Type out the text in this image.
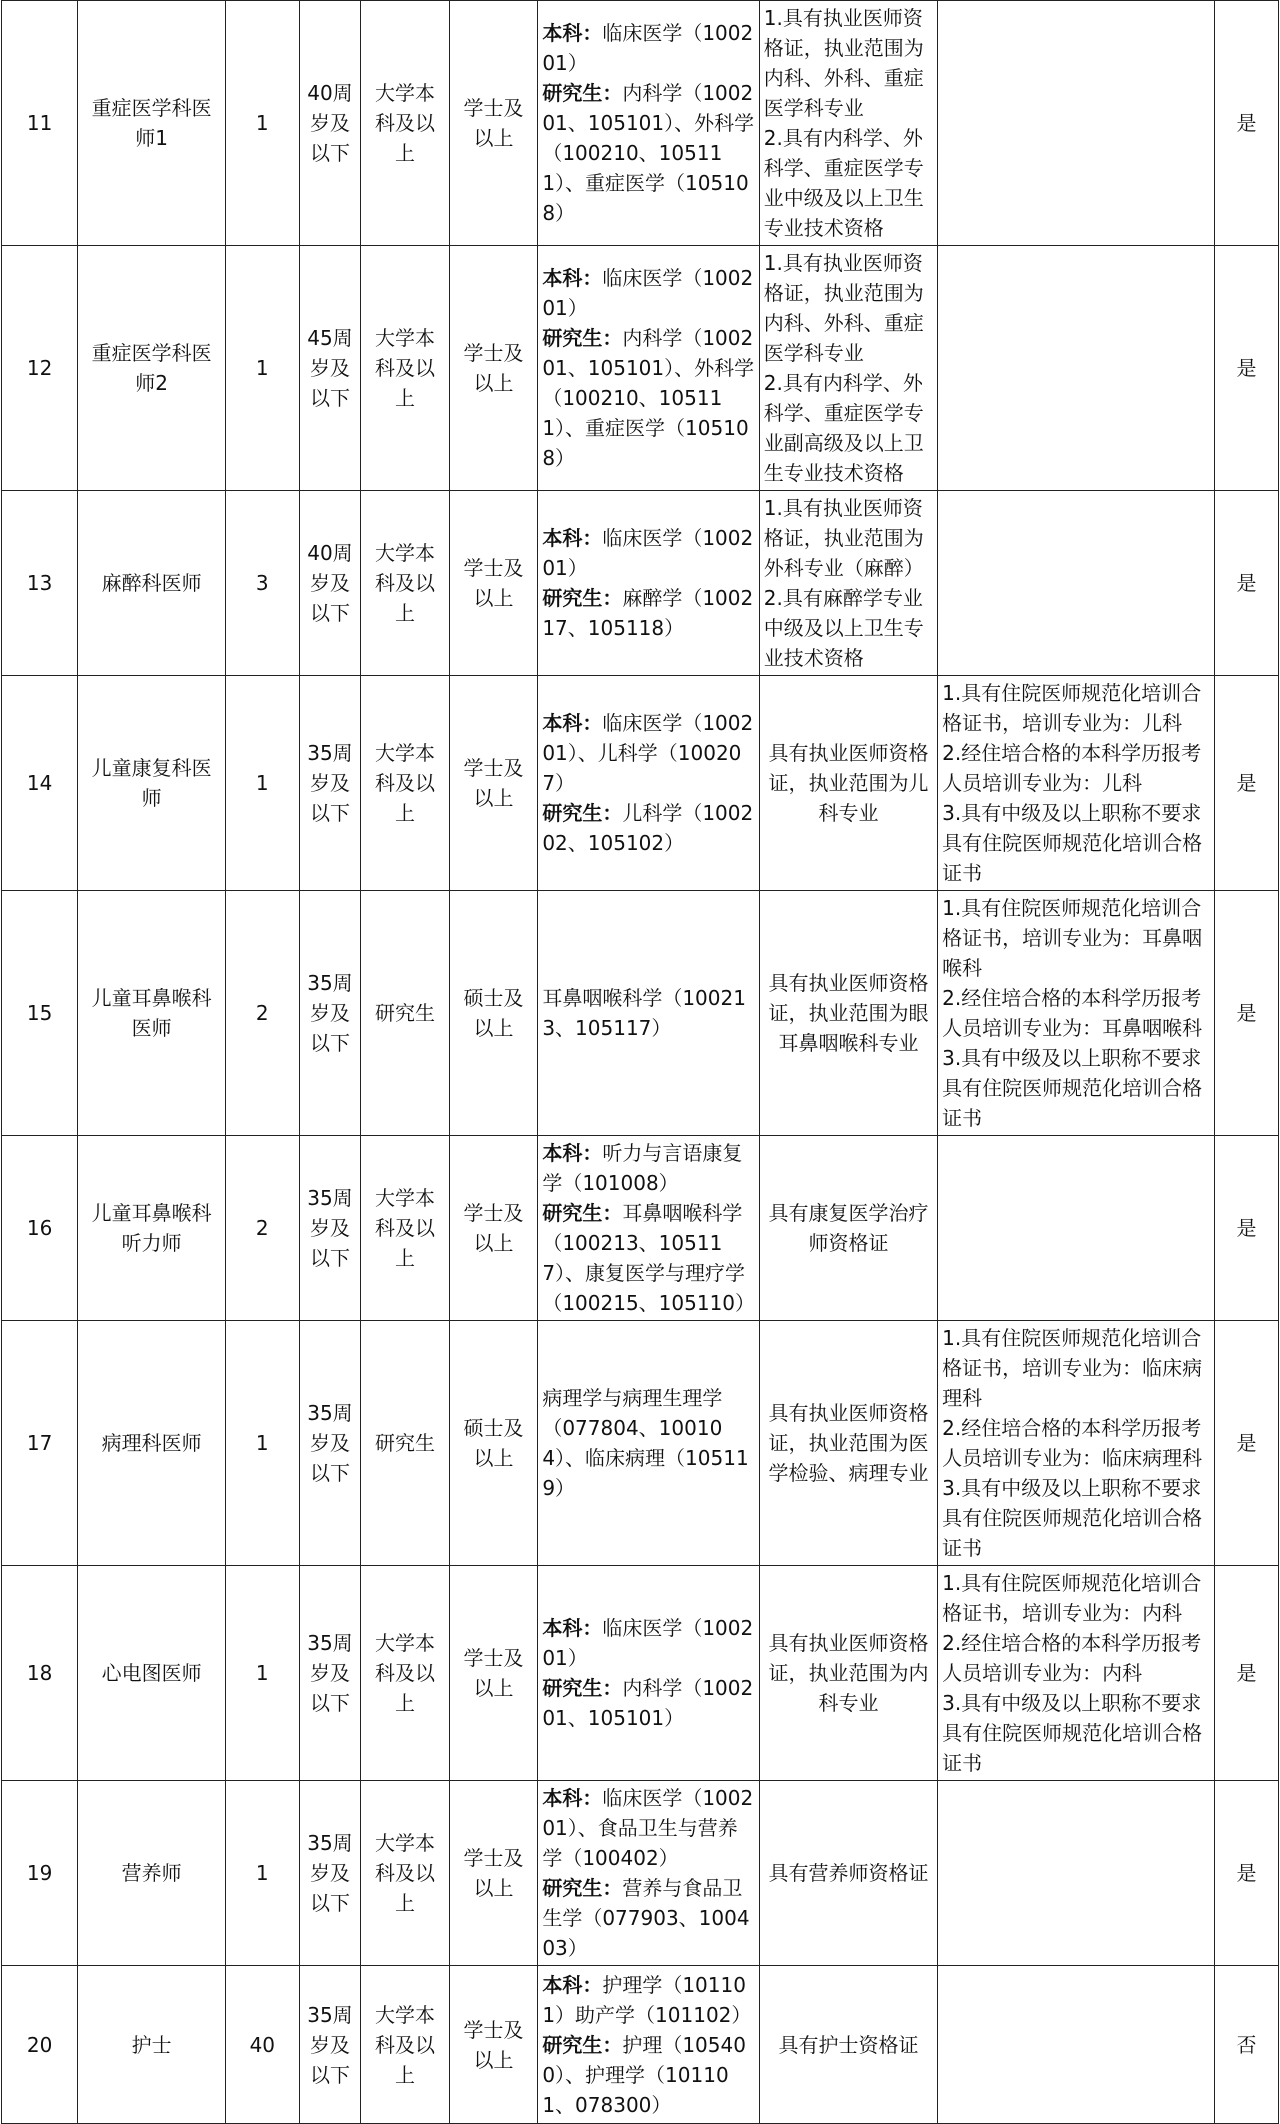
11	重症医学科医师1	1	40周岁及以下	大学本科及以上	学士及以上	本科：临床医学（100201）
研究生：内科学（100201、105101）、外科学（100210、105111）、重症医学（105108）	1.具有执业医师资格证，执业范围为内科、外科、重症医学科专业
2.具有内科学、外科学、重症医学专业中级及以上卫生专业技术资格		是
12	重症医学科医师2	1	45周岁及以下	大学本科及以上	学士及以上	本科：临床医学（100201）
研究生：内科学（100201、105101）、外科学（100210、105111）、重症医学（105108）	1.具有执业医师资格证，执业范围为内科、外科、重症医学科专业
2.具有内科学、外科学、重症医学专业副高级及以上卫生专业技术资格		是
13	麻醉科医师	3	40周岁及以下	大学本科及以上	学士及以上	本科：临床医学（100201）
研究生：麻醉学（100217、105118）	1.具有执业医师资格证，执业范围为外科专业（麻醉）
2.具有麻醉学专业中级及以上卫生专业技术资格		是
14	儿童康复科医师	1	35周岁及以下	大学本科及以上	学士及以上	本科：临床医学（100201）、儿科学（100207）
研究生：儿科学（100202、105102）	具有执业医师资格证，执业范围为儿科专业	1.具有住院医师规范化培训合格证书，培训专业为：儿科
2.经住培合格的本科学历报考人员培训专业为：儿科
3.具有中级及以上职称不要求具有住院医师规范化培训合格证书	是
15	儿童耳鼻喉科医师	2	35周岁及以下	研究生	硕士及以上	耳鼻咽喉科学（100213、105117）	具有执业医师资格证，执业范围为眼耳鼻咽喉科专业	1.具有住院医师规范化培训合格证书，培训专业为：耳鼻咽喉科
2.经住培合格的本科学历报考人员培训专业为：耳鼻咽喉科
3.具有中级及以上职称不要求具有住院医师规范化培训合格证书	是
16	儿童耳鼻喉科听力师	2	35周岁及以下	大学本科及以上	学士及以上	本科：听力与言语康复学（101008）
研究生：耳鼻咽喉科学（100213、105117）、康复医学与理疗学（100215、105110）	具有康复医学治疗师资格证		是
17	病理科医师	1	35周岁及以下	研究生	硕士及以上	病理学与病理生理学（077804、100104）、临床病理（105119）	具有执业医师资格证，执业范围为医学检验、病理专业	1.具有住院医师规范化培训合格证书，培训专业为：临床病理科
2.经住培合格的本科学历报考人员培训专业为：临床病理科
3.具有中级及以上职称不要求具有住院医师规范化培训合格证书	是
18	心电图医师	1	35周岁及以下	大学本科及以上	学士及以上	本科：临床医学（100201）
研究生：内科学（100201、105101）	具有执业医师资格证，执业范围为内科专业	1.具有住院医师规范化培训合格证书，培训专业为：内科
2.经住培合格的本科学历报考人员培训专业为：内科
3.具有中级及以上职称不要求具有住院医师规范化培训合格证书	是
19	营养师	1	35周岁及以下	大学本科及以上	学士及以上	本科：临床医学（100201）、食品卫生与营养学（100402）
研究生：营养与食品卫生学（077903、100403）	具有营养师资格证		是
20	护士	40	35周岁及以下	大学本科及以上	学士及以上	本科：护理学（101101）助产学（101102）
研究生：护理（105400）、护理学（101101、078300）	具有护士资格证		否
